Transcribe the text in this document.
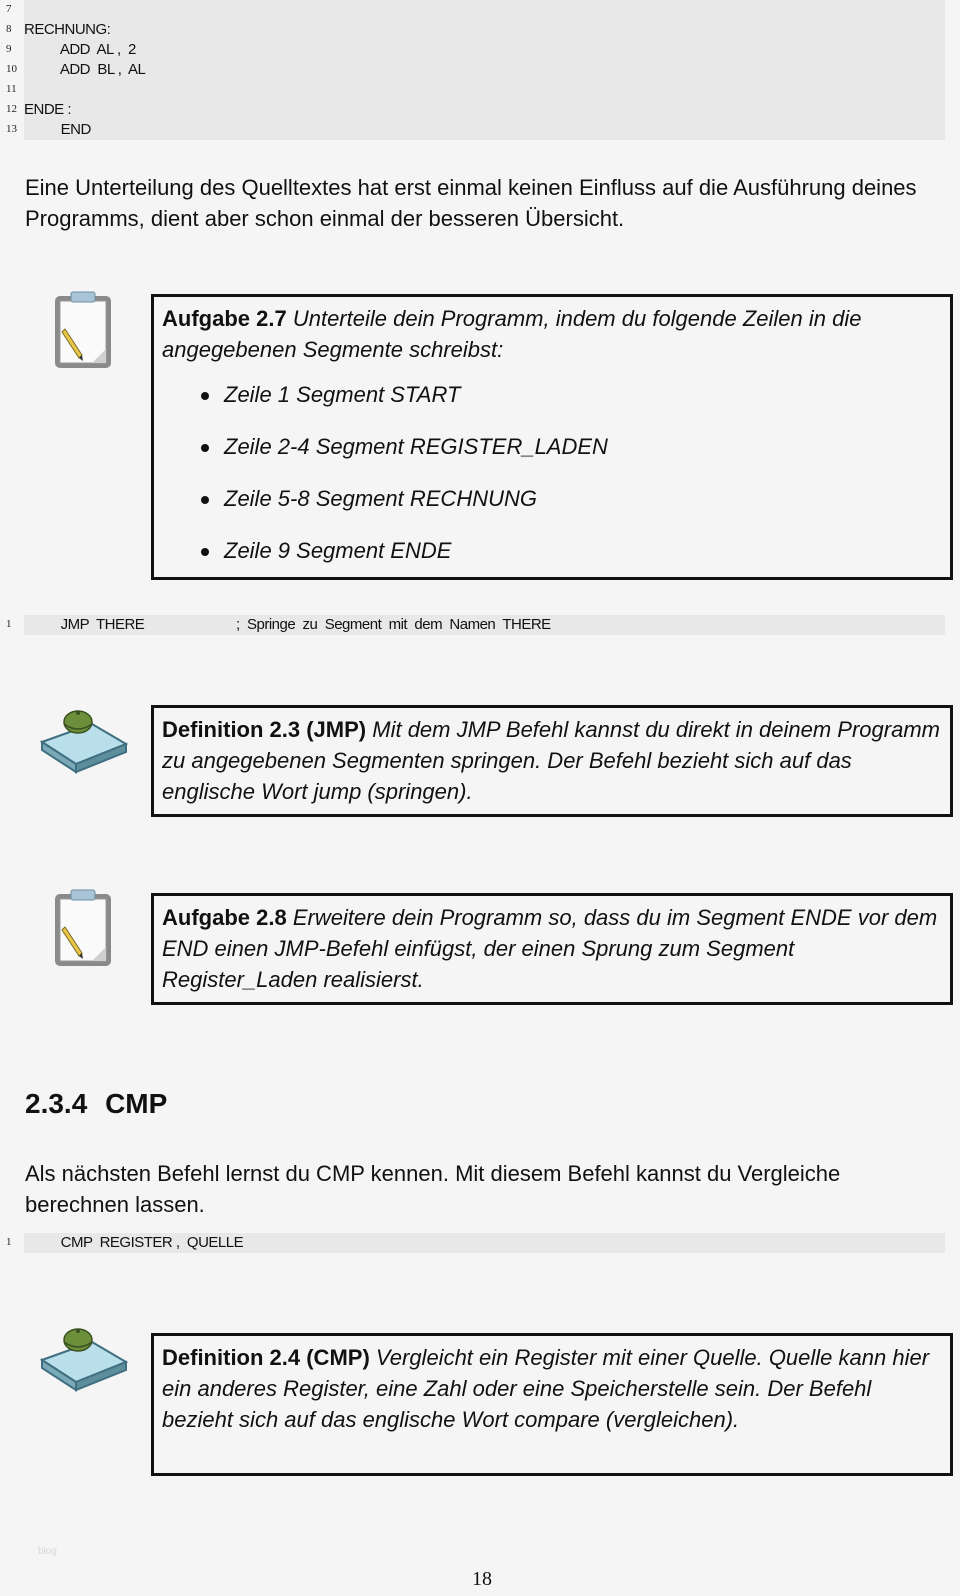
7
8 RECHNUNG:
9 ADD  AL ,  2
10 ADD  BL ,  AL
11
12 ENDE :
13 END
Eine Unterteilung des Quelltextes hat erst einmal keinen Einfluss auf die Ausführung deines Programms, dient aber schon einmal der besseren Übersicht.
Aufgabe 2.7 Unterteile dein Programm, indem du folgende Zeilen in die angegebenen Segmente schreibst:
Zeile 1 Segment START
Zeile 2-4 Segment REGISTER_LADEN
Zeile 5-8 Segment RECHNUNG
Zeile 9 Segment ENDE
1 JMP  THERE                         ;  Springe  zu  Segment  mit  dem  Namen  THERE
Definition 2.3 (JMP) Mit dem JMP Befehl kannst du direkt in deinem Programm zu angegebenen Segmenten springen. Der Befehl bezieht sich auf das englische Wort jump (springen).
Aufgabe 2.8 Erweitere dein Programm so, dass du im Segment ENDE vor dem END einen JMP-Befehl einfügst, der einen Sprung zum Segment Register_Laden realisierst.
2.3.4 CMP
Als nächsten Befehl lernst du CMP kennen. Mit diesem Befehl kannst du Vergleiche berechnen lassen.
1 CMP  REGISTER ,  QUELLE
Definition 2.4 (CMP) Vergleicht ein Register mit einer Quelle. Quelle kann hier ein anderes Register, eine Zahl oder eine Speicherstelle sein. Der Befehl bezieht sich auf das englische Wort compare (vergleichen).
blog
18
